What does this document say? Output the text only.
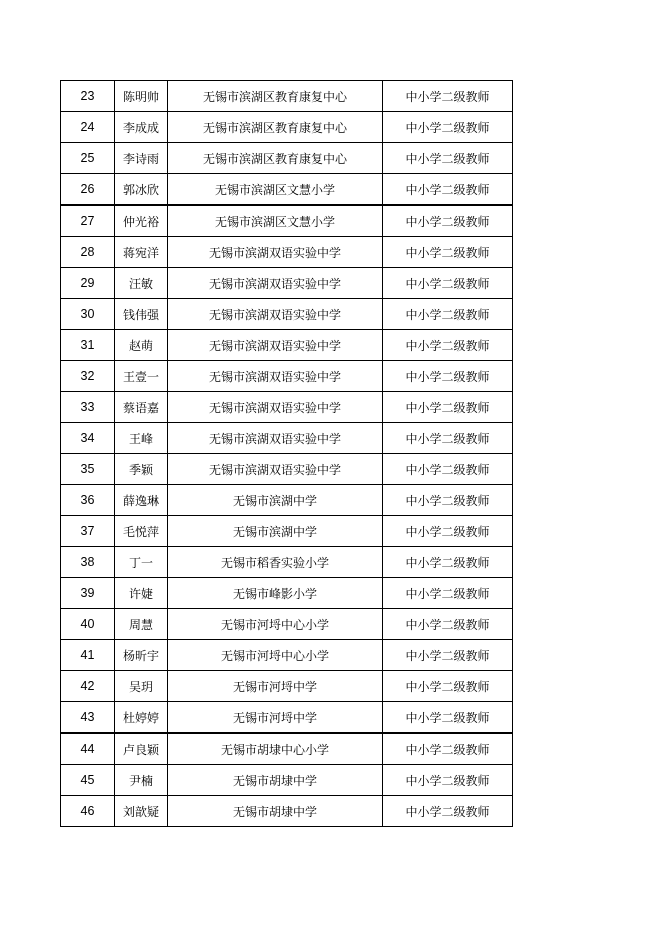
23	陈明帅	无锡市滨湖区教育康复中心	中小学二级教师
24	李成成	无锡市滨湖区教育康复中心	中小学二级教师
25	李诗雨	无锡市滨湖区教育康复中心	中小学二级教师
26	郭冰欣	无锡市滨湖区文慧小学	中小学二级教师
27	仲光裕	无锡市滨湖区文慧小学	中小学二级教师
28	蒋宛洋	无锡市滨湖双语实验中学	中小学二级教师
29	汪敏	无锡市滨湖双语实验中学	中小学二级教师
30	钱伟强	无锡市滨湖双语实验中学	中小学二级教师
31	赵萌	无锡市滨湖双语实验中学	中小学二级教师
32	王壹一	无锡市滨湖双语实验中学	中小学二级教师
33	蔡语嘉	无锡市滨湖双语实验中学	中小学二级教师
34	王峰	无锡市滨湖双语实验中学	中小学二级教师
35	季颖	无锡市滨湖双语实验中学	中小学二级教师
36	薛逸琳	无锡市滨湖中学	中小学二级教师
37	毛悦萍	无锡市滨湖中学	中小学二级教师
38	丁一	无锡市稻香实验小学	中小学二级教师
39	许婕	无锡市峰影小学	中小学二级教师
40	周慧	无锡市河埒中心小学	中小学二级教师
41	杨昕宇	无锡市河埒中心小学	中小学二级教师
42	吴玥	无锡市河埒中学	中小学二级教师
43	杜婷婷	无锡市河埒中学	中小学二级教师
44	卢良颖	无锡市胡埭中心小学	中小学二级教师
45	尹楠	无锡市胡埭中学	中小学二级教师
46	刘歆疑	无锡市胡埭中学	中小学二级教师
